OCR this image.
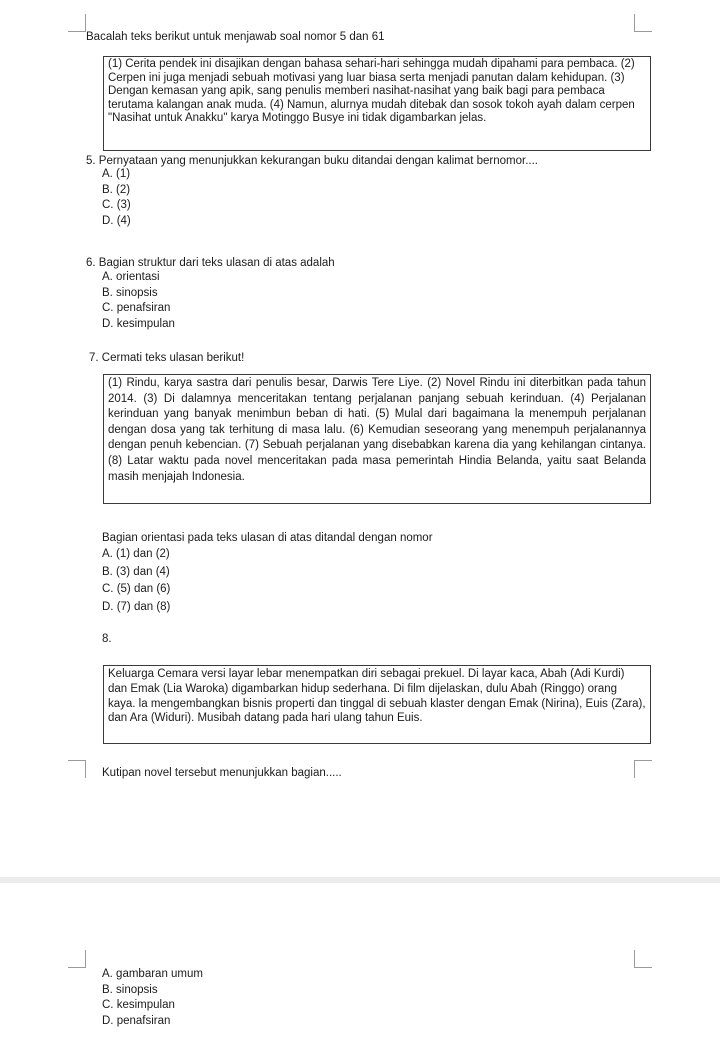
Bacalah teks berikut untuk menjawab soal nomor 5 dan 61
(1) Cerita pendek ini disajikan dengan bahasa sehari-hari sehingga mudah dipahami para pembaca. (2) Cerpen ini juga menjadi sebuah motivasi yang luar biasa serta menjadi panutan dalam kehidupan. (3) Dengan kemasan yang apik, sang penulis memberi nasihat-nasihat yang baik bagi para pembaca terutama kalangan anak muda. (4) Namun, alurnya mudah ditebak dan sosok tokoh ayah dalam cerpen "Nasihat untuk Anakku" karya Motinggo Busye ini tidak digambarkan jelas.
5. Pernyataan yang menunjukkan kekurangan buku ditandai dengan kalimat bernomor....
A. (1)
B. (2)
C. (3)
D. (4)
6. Bagian struktur dari teks ulasan di atas adalah
A. orientasi
B. sinopsis
C. penafsiran
D. kesimpulan
7. Cermati teks ulasan berikut!
(1) Rindu, karya sastra dari penulis besar, Darwis Tere Liye. (2) Novel Rindu ini diterbitkan pada tahun 2014. (3) Di dalamnya menceritakan tentang perjalanan panjang sebuah kerinduan. (4) Perjalanan kerinduan yang banyak menimbun beban di hati. (5) Mulal dari bagaimana la menempuh perjalanan dengan dosa yang tak terhitung di masa lalu. (6) Kemudian seseorang yang menempuh perjalanannya dengan penuh kebencian. (7) Sebuah perjalanan yang disebabkan karena dia yang kehilangan cintanya. (8) Latar waktu pada novel menceritakan pada masa pemerintah Hindia Belanda, yaitu saat Belanda masih menjajah Indonesia.
Bagian orientasi pada teks ulasan di atas ditandal dengan nomor
A. (1) dan (2)
B. (3) dan (4)
C. (5) dan (6)
D. (7) dan (8)
8.
Keluarga Cemara versi layar lebar menempatkan diri sebagai prekuel. Di layar kaca, Abah (Adi Kurdi) dan Emak (Lia Waroka) digambarkan hidup sederhana. Di film dijelaskan, dulu Abah (Ringgo) orang kaya. la mengembangkan bisnis properti dan tinggal di sebuah klaster dengan Emak (Nirina), Euis (Zara), dan Ara (Widuri). Musibah datang pada hari ulang tahun Euis.
Kutipan novel tersebut menunjukkan bagian.....
A. gambaran umum
B. sinopsis
C. kesimpulan
D. penafsiran
